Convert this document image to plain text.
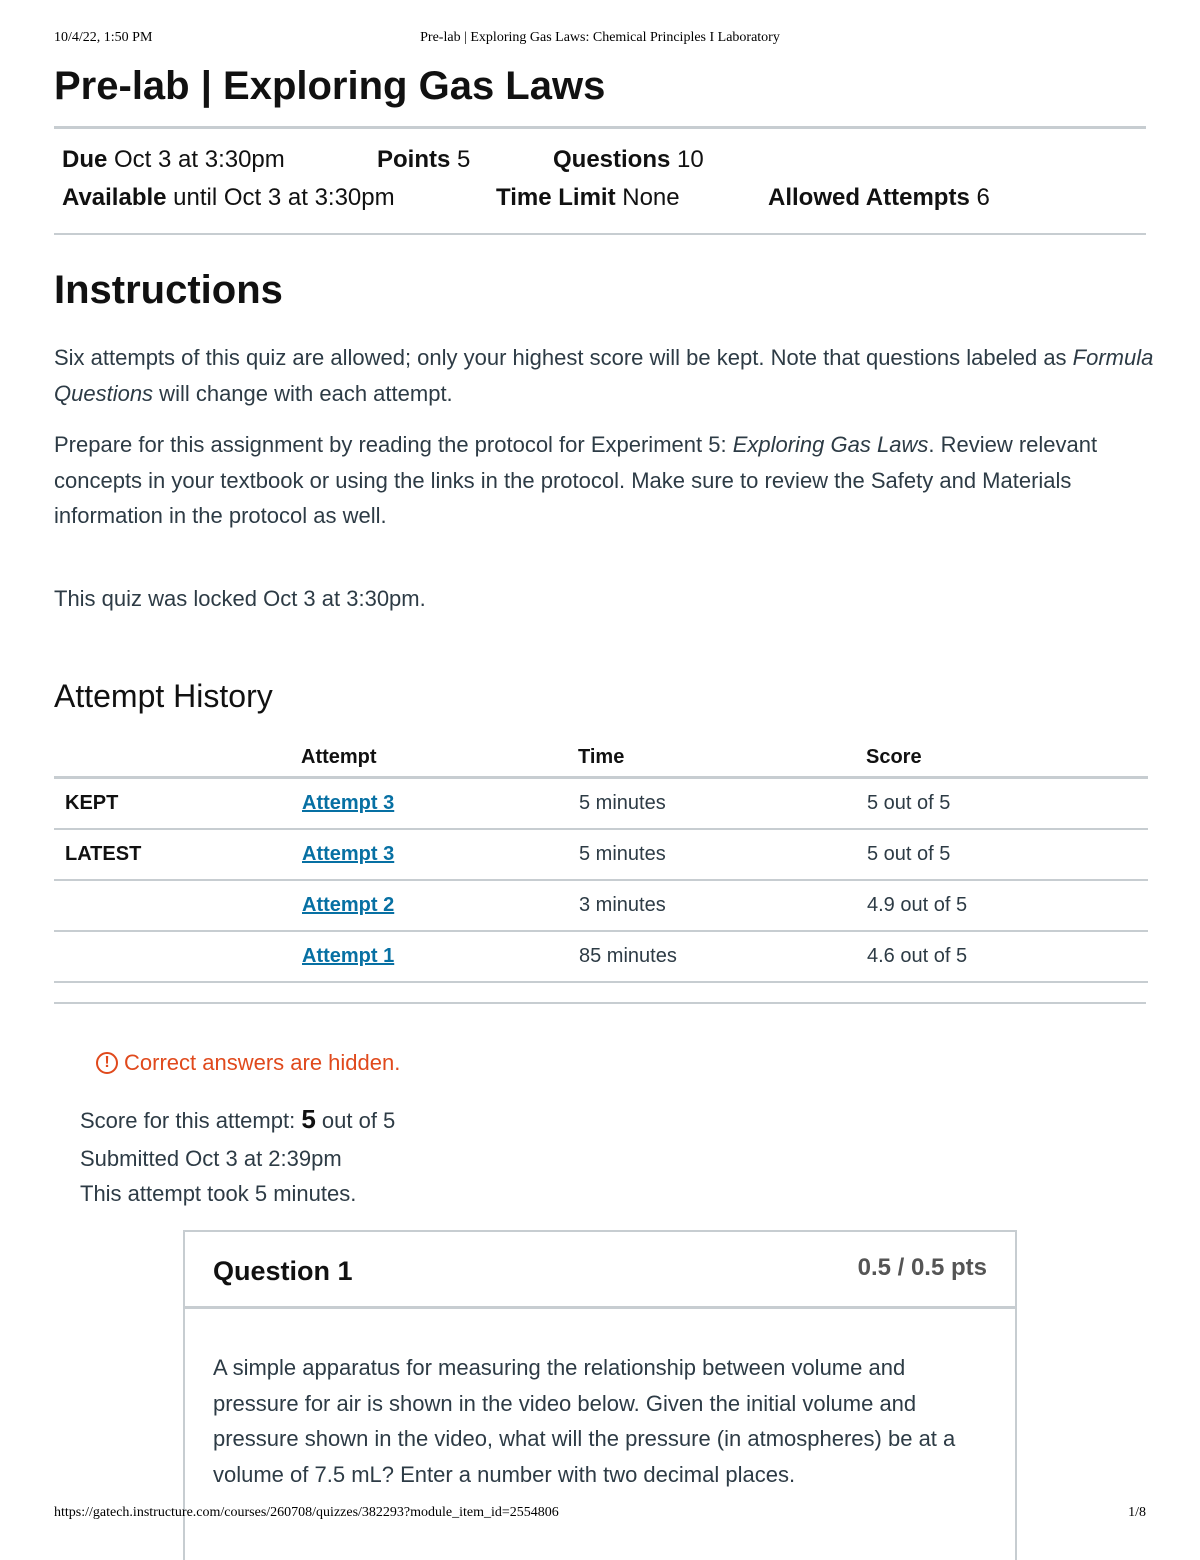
10/4/22, 1:50 PM	Pre-lab | Exploring Gas Laws: Chemical Principles I Laboratory
Pre-lab | Exploring Gas Laws
Due Oct 3 at 3:30pm	Points 5	Questions 10
Available until Oct 3 at 3:30pm	Time Limit None	Allowed Attempts 6
Instructions
Six attempts of this quiz are allowed; only your highest score will be kept. Note that questions labeled as Formula Questions will change with each attempt.
Prepare for this assignment by reading the protocol for Experiment 5: Exploring Gas Laws. Review relevant concepts in your textbook or using the links in the protocol. Make sure to review the Safety and Materials information in the protocol as well.
This quiz was locked Oct 3 at 3:30pm.
Attempt History
	Attempt	Time	Score
KEPT	Attempt 3	5 minutes	5 out of 5
LATEST	Attempt 3	5 minutes	5 out of 5
	Attempt 2	3 minutes	4.9 out of 5
	Attempt 1	85 minutes	4.6 out of 5
! Correct answers are hidden.
Score for this attempt: 5 out of 5
Submitted Oct 3 at 2:39pm
This attempt took 5 minutes.
Question 1	0.5 / 0.5 pts
A simple apparatus for measuring the relationship between volume and pressure for air is shown in the video below. Given the initial volume and pressure shown in the video, what will the pressure (in atmospheres) be at a volume of 7.5 mL? Enter a number with two decimal places.
https://gatech.instructure.com/courses/260708/quizzes/382293?module_item_id=2554806	1/8
